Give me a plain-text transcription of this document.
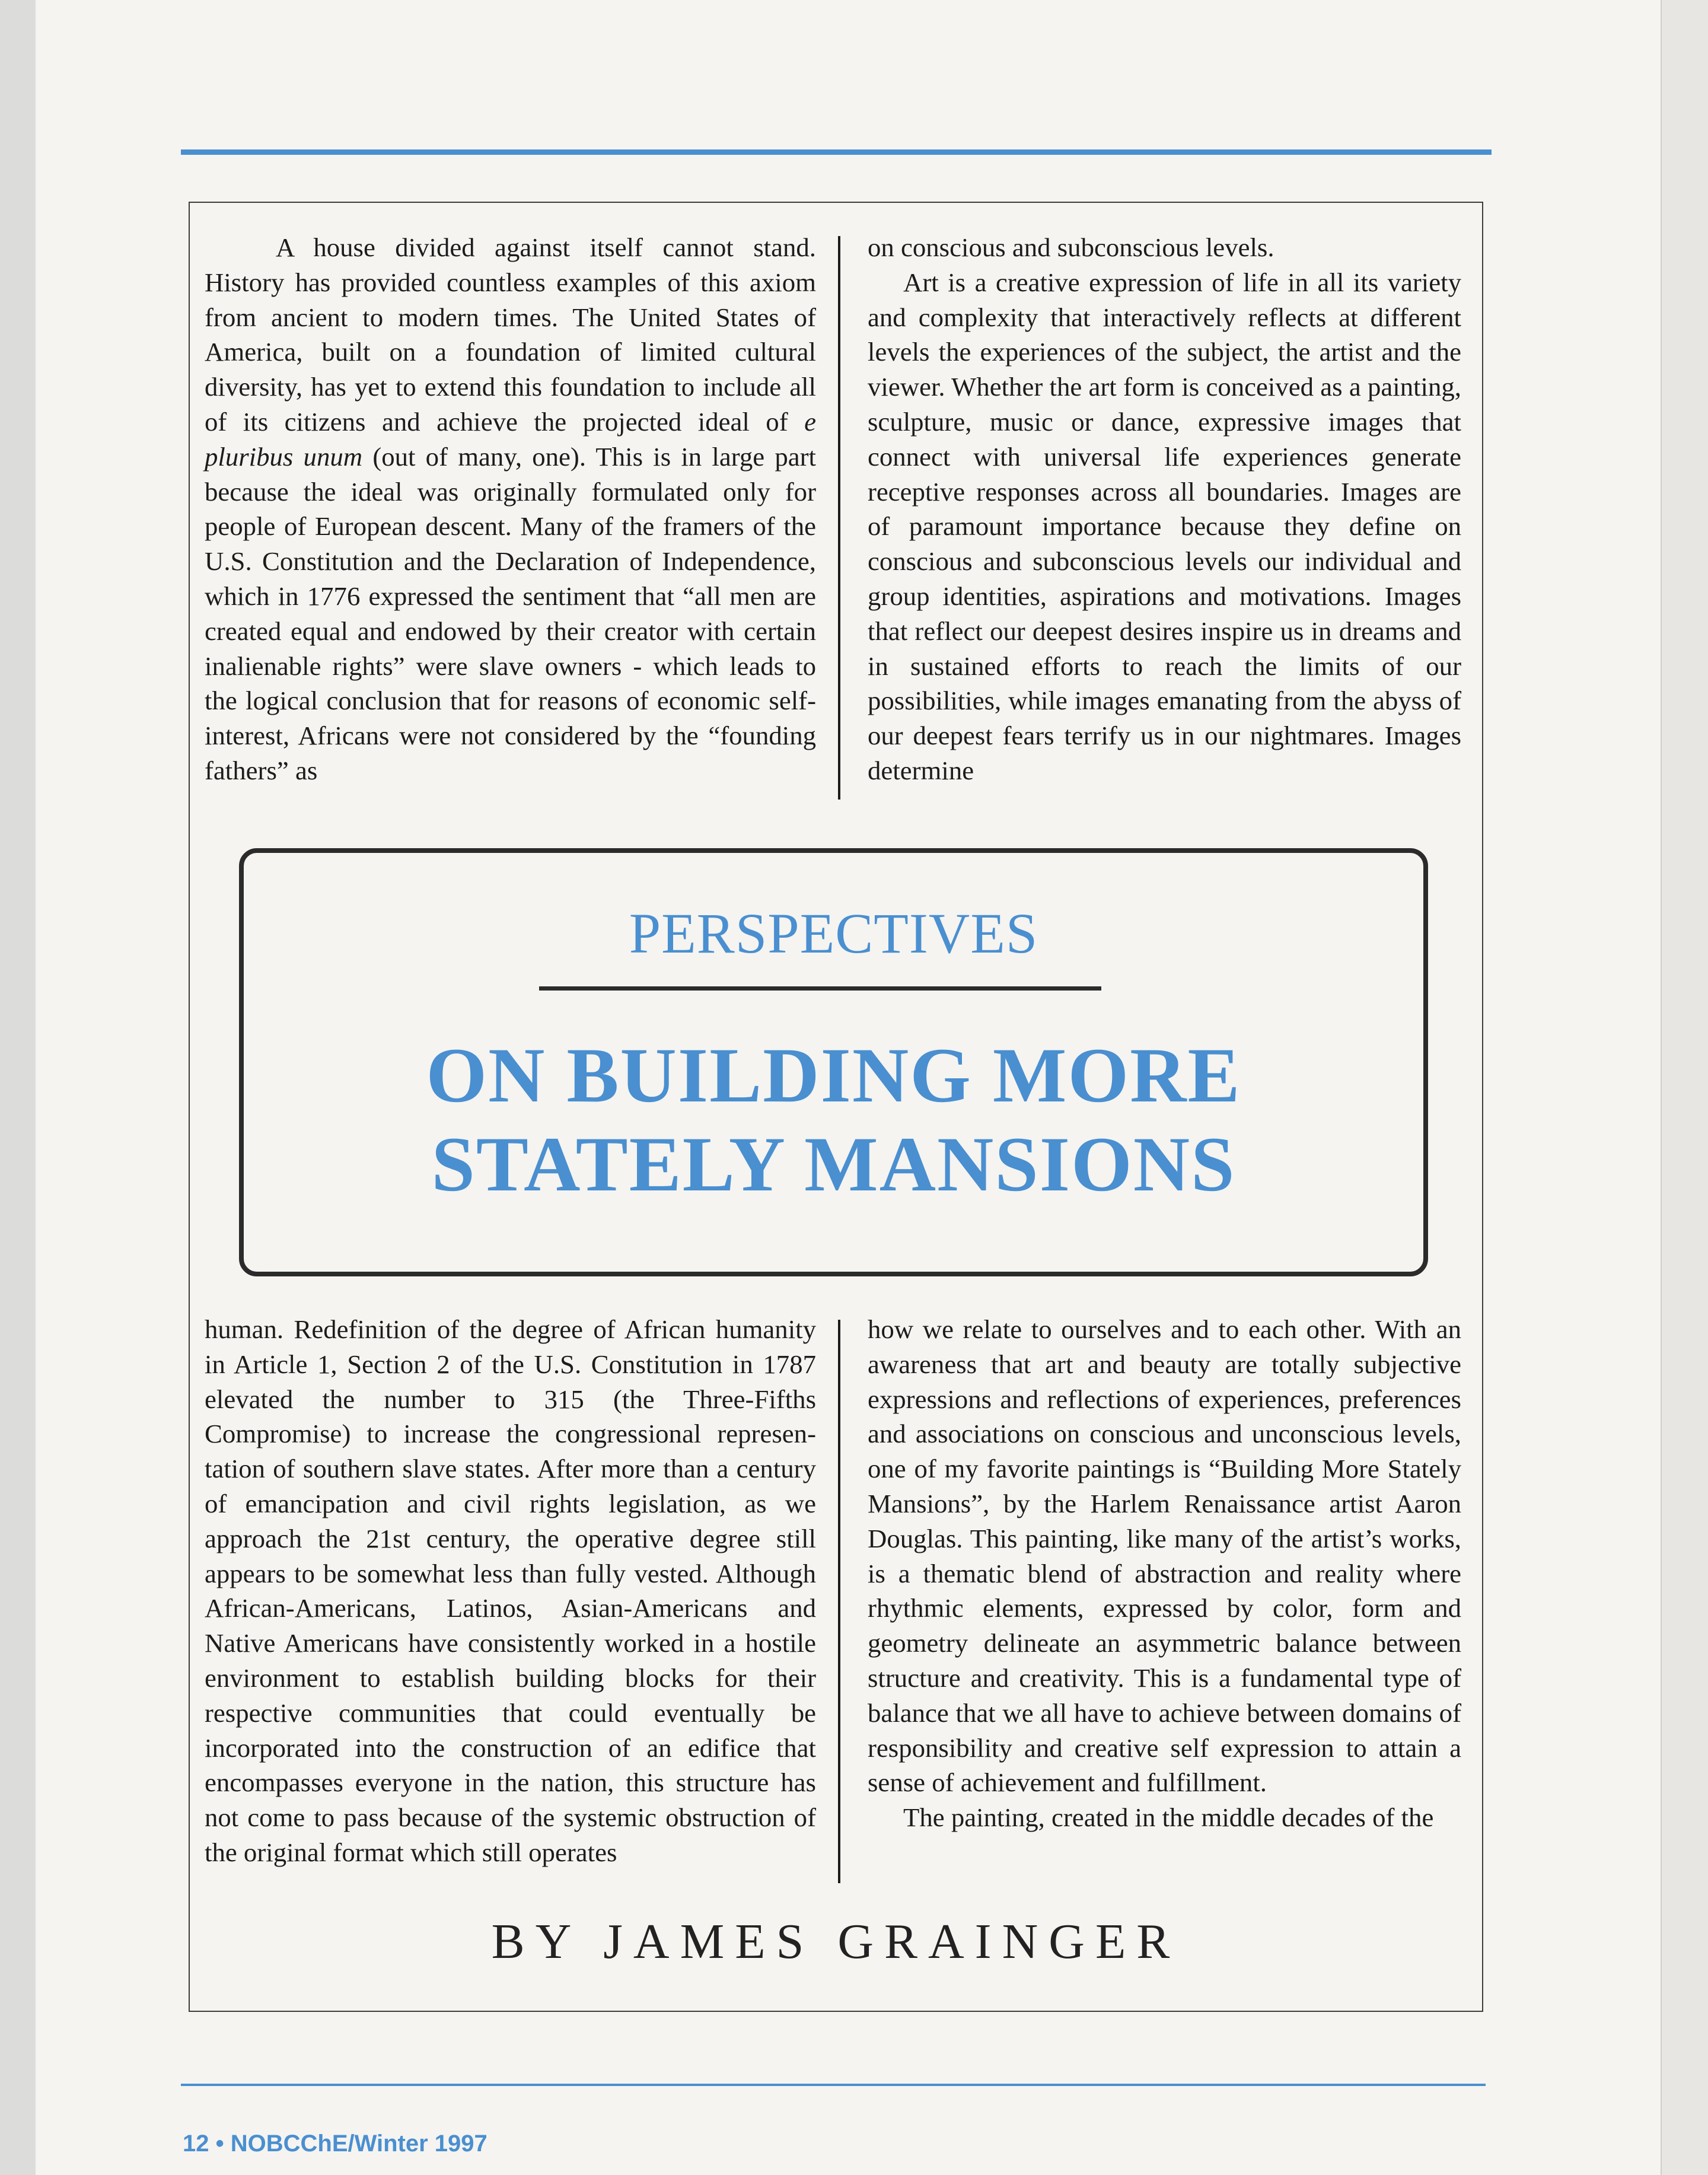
A house divided against itself cannot stand. History has provided countless examples of this axiom from ancient to modern times. The United States of America, built on a foundation of limited cultural diversity, has yet to extend this foundation to include all of its citizens and achieve the projected ideal of e pluribus unum (out of many, one). This is in large part because the ideal was originally formulated only for people of European descent. Many of the framers of the U.S. Constitution and the Declaration of Independence, which in 1776 expressed the sentiment that “all men are created equal and endowed by their creator with certain inalienable rights” were slave owners - which leads to the logical conclusion that for reasons of economic self-interest, Africans were not considered by the “founding fathers” as

on conscious and subconscious levels.

Art is a creative expression of life in all its variety and complexity that interactively reflects at different levels the experiences of the subject, the artist and the viewer. Whether the art form is conceived as a painting, sculpture, music or dance, expressive images that connect with universal life experiences generate receptive responses across all boundaries. Images are of paramount importance because they define on conscious and subconscious levels our individual and group identities, aspirations and motivations. Images that reflect our deepest desires inspire us in dreams and in sustained efforts to reach the limits of our possibilities, while images emanating from the abyss of our deepest fears terrify us in our nightmares. Images determine

PERSPECTIVES
ON BUILDING MORE
STATELY MANSIONS

human. Redefinition of the degree of African humanity in Article 1, Section 2 of the U.S. Constitution in 1787 elevated the number to 315 (the Three-Fifths Compromise) to increase the congressional representation of southern slave states. After more than a century of emancipation and civil rights legislation, as we approach the 21st century, the operative degree still appears to be somewhat less than fully vested. Although African-Americans, Latinos, Asian-Americans and Native Americans have consistently worked in a hostile environment to establish building blocks for their respective communities that could eventually be incorporated into the construction of an edifice that encompasses everyone in the nation, this structure has not come to pass because of the systemic obstruction of the original format which still operates

how we relate to ourselves and to each other. With an awareness that art and beauty are totally subjective expressions and reflections of experiences, preferences and associations on conscious and unconscious levels, one of my favorite paintings is “Building More Stately Mansions”, by the Harlem Renaissance artist Aaron Douglas. This painting, like many of the artist’s works, is a thematic blend of abstraction and reality where rhythmic elements, expressed by color, form and geometry delineate an asymmetric balance between structure and creativity. This is a fundamental type of balance that we all have to achieve between domains of responsibility and creative self expression to attain a sense of achievement and fulfillment.

The painting, created in the middle decades of the

BY JAMES GRAINGER
12 • NOBCChE/Winter 1997
